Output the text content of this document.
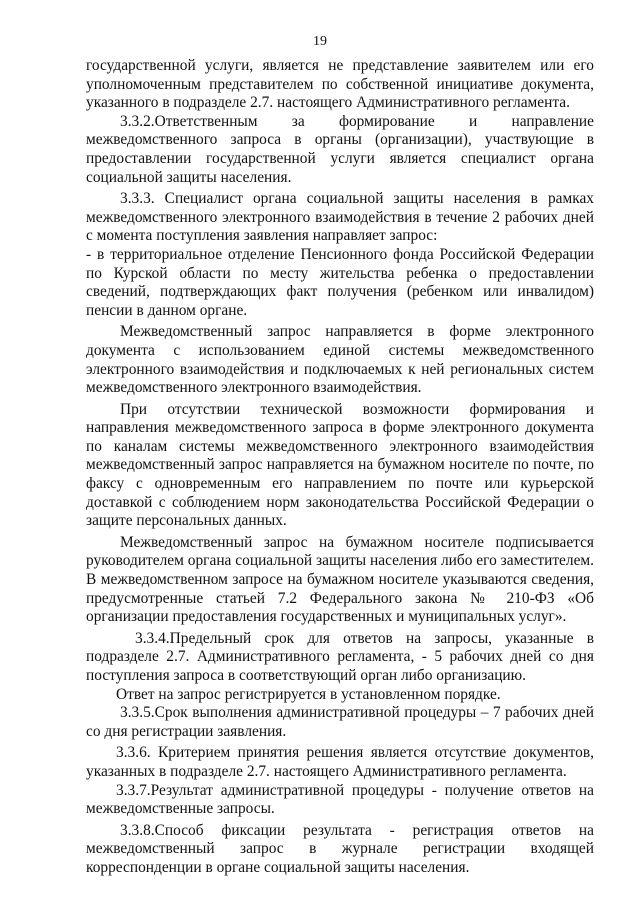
19

государственной услуги, является не представление заявителем или его уполномоченным представителем по собственной инициативе документа, указанного в подразделе 2.7. настоящего Административного регламента.

3.3.2.Ответственным за формирование и направление межведомственного запроса в органы (организации), участвующие в предоставлении государственной услуги является специалист органа социальной защиты населения.

3.3.3. Специалист органа социальной защиты населения в рамках межведомственного электронного взаимодействия в течение 2 рабочих дней с момента поступления заявления направляет запрос:

- в территориальное отделение Пенсионного фонда Российской Федерации по Курской области по месту жительства ребенка о предоставлении сведений, подтверждающих факт получения (ребенком или инвалидом) пенсии в данном органе.

Межведомственный запрос направляется в форме электронного документа с использованием единой системы межведомственного электронного взаимодействия и подключаемых к ней региональных систем межведомственного электронного взаимодействия.

При отсутствии технической возможности формирования и направления межведомственного запроса в форме электронного документа по каналам системы межведомственного электронного взаимодействия межведомственный запрос направляется на бумажном носителе по почте, по факсу с одновременным его направлением по почте или курьерской доставкой с соблюдением норм законодательства Российской Федерации о защите персональных данных.

Межведомственный запрос на бумажном носителе подписывается руководителем органа социальной защиты населения либо его заместителем. В межведомственном запросе на бумажном носителе указываются сведения, предусмотренные статьей 7.2 Федерального закона № 210-ФЗ «Об организации предоставления государственных и муниципальных услуг».

3.3.4.Предельный срок для ответов на запросы, указанные в подразделе 2.7. Административного регламента, - 5 рабочих дней со дня поступления запроса в соответствующий орган либо организацию.

Ответ на запрос регистрируется в установленном порядке.

3.3.5.Срок выполнения административной процедуры – 7 рабочих дней со дня регистрации заявления.

3.3.6. Критерием принятия решения является отсутствие документов, указанных в подразделе 2.7. настоящего Административного регламента.

3.3.7.Результат административной процедуры - получение ответов на межведомственные запросы.

3.3.8.Способ фиксации результата - регистрация ответов на межведомственный запрос в журнале регистрации входящей корреспонденции в органе социальной защиты населения.
